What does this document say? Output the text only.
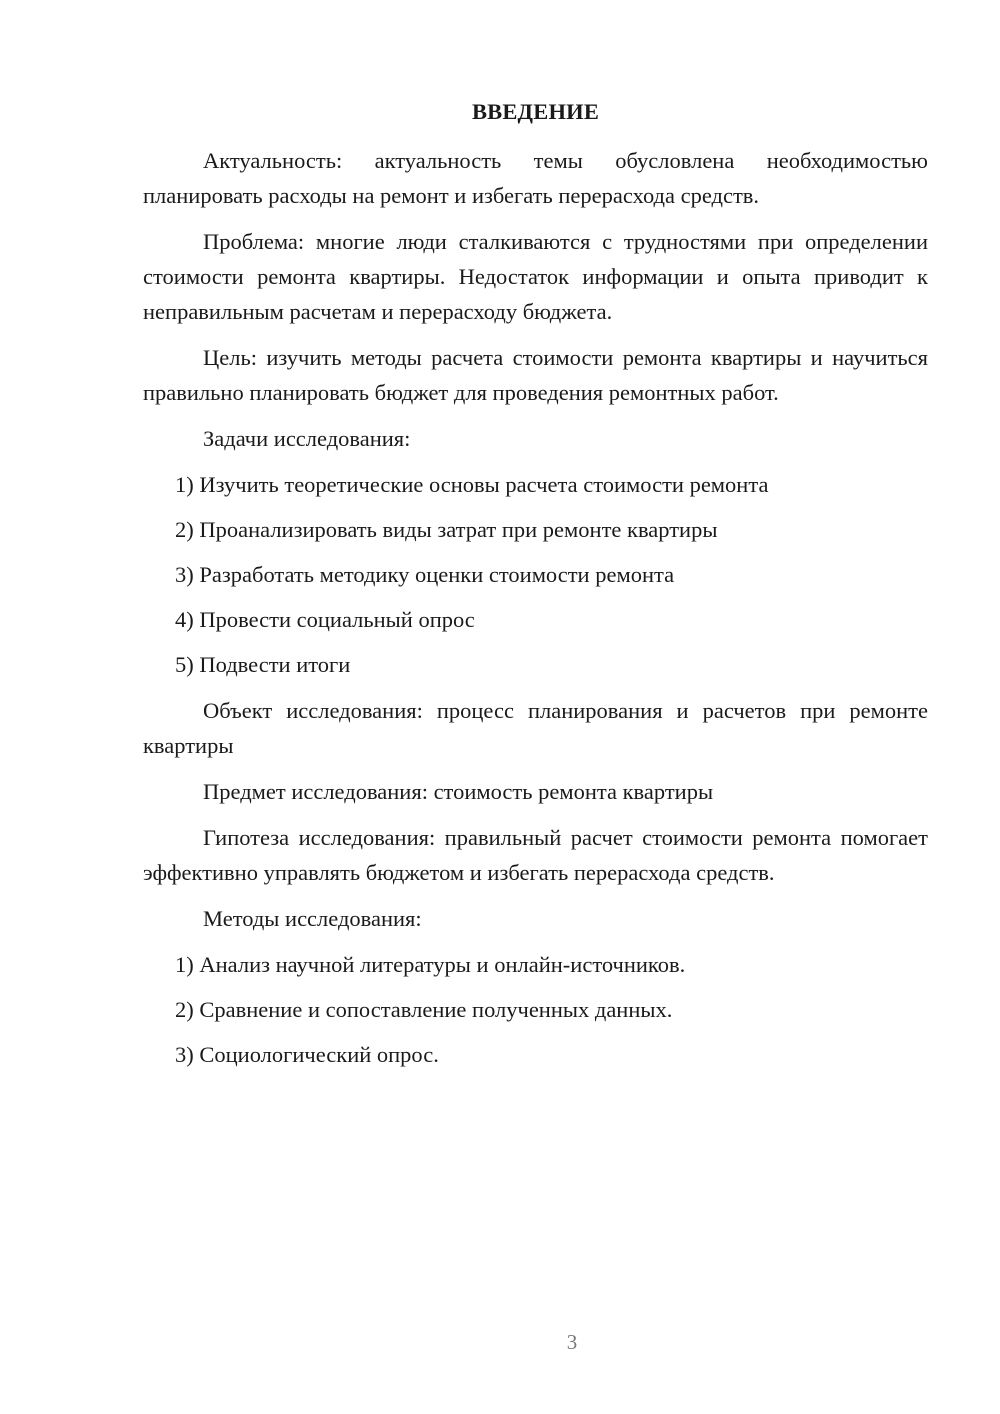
ВВЕДЕНИЕ

Актуальность: актуальность темы обусловлена необходимостью планировать расходы на ремонт и избегать перерасхода средств.

Проблема: многие люди сталкиваются с трудностями при определении стоимости ремонта квартиры. Недостаток информации и опыта приводит к неправильным расчетам и перерасходу бюджета.

Цель: изучить методы расчета стоимости ремонта квартиры и научиться правильно планировать бюджет для проведения ремонтных работ.

Задачи исследования:

1) Изучить теоретические основы расчета стоимости ремонта
2) Проанализировать виды затрат при ремонте квартиры
3) Разработать методику оценки стоимости ремонта
4) Провести социальный опрос
5) Подвести итоги

Объект исследования: процесс планирования и расчетов при ремонте квартиры

Предмет исследования: стоимость ремонта квартиры

Гипотеза исследования: правильный расчет стоимости ремонта помогает эффективно управлять бюджетом и избегать перерасхода средств.

Методы исследования:

1) Анализ научной литературы и онлайн-источников.
2) Сравнение и сопоставление полученных данных.
3) Социологический опрос.
3
